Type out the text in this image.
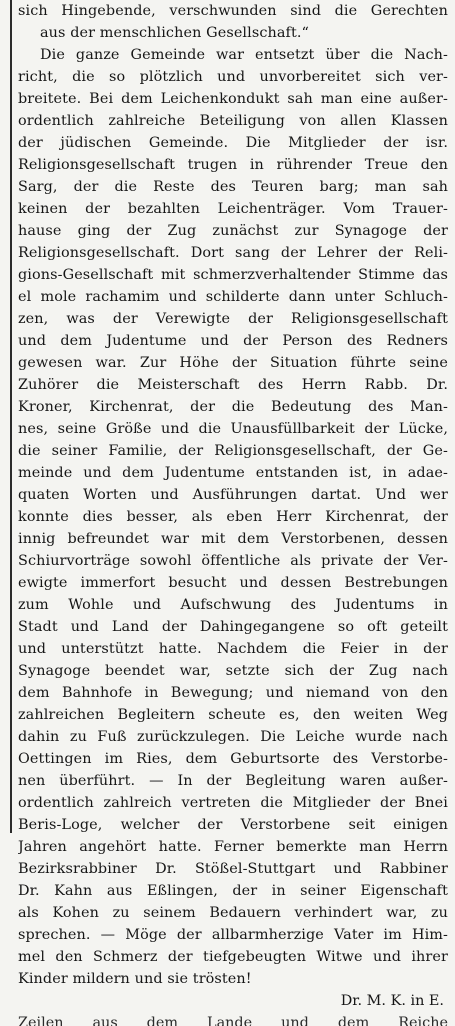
sich Hingebende, verschwunden sind die Gerechten
aus der menschlichen Gesellschaft.“
Die ganze Gemeinde war entsetzt über die Nach-
richt, die so plötzlich und unvorbereitet sich ver-
breitete. Bei dem Leichenkondukt sah man eine außer-
ordentlich zahlreiche Beteiligung von allen Klassen
der jüdischen Gemeinde. Die Mitglieder der isr.
Religionsgesellschaft trugen in rührender Treue den
Sarg, der die Reste des Teuren barg; man sah
keinen der bezahlten Leichenträger. Vom Trauer-
hause ging der Zug zunächst zur Synagoge der
Religionsgesellschaft. Dort sang der Lehrer der Reli-
gions-Gesellschaft mit schmerzverhaltender Stimme das
el mole rachamim und schilderte dann unter Schluch-
zen, was der Verewigte der Religionsgesellschaft
und dem Judentume und der Person des Redners
gewesen war. Zur Höhe der Situation führte seine
Zuhörer die Meisterschaft des Herrn Rabb. Dr.
Kroner, Kirchenrat, der die Bedeutung des Man-
nes, seine Größe und die Unausfüllbarkeit der Lücke,
die seiner Familie, der Religionsgesellschaft, der Ge-
meinde und dem Judentume entstanden ist, in adae-
quaten Worten und Ausführungen dartat. Und wer
konnte dies besser, als eben Herr Kirchenrat, der
innig befreundet war mit dem Verstorbenen, dessen
Schiurvorträge sowohl öffentliche als private der Ver-
ewigte immerfort besucht und dessen Bestrebungen
zum Wohle und Aufschwung des Judentums in
Stadt und Land der Dahingegangene so oft geteilt
und unterstützt hatte. Nachdem die Feier in der
Synagoge beendet war, setzte sich der Zug nach
dem Bahnhofe in Bewegung; und niemand von den
zahlreichen Begleitern scheute es, den weiten Weg
dahin zu Fuß zurückzulegen. Die Leiche wurde nach
Oettingen im Ries, dem Geburtsorte des Verstorbe-
nen überführt. — In der Begleitung waren außer-
ordentlich zahlreich vertreten die Mitglieder der Bnei
Beris-Loge, welcher der Verstorbene seit einigen
Jahren angehört hatte. Ferner bemerkte man Herrn
Bezirksrabbiner Dr. Stößel-Stuttgart und Rabbiner
Dr. Kahn aus Eßlingen, der in seiner Eigenschaft
als Kohen zu seinem Bedauern verhindert war, zu
sprechen. — Möge der allbarmherzige Vater im Him-
mel den Schmerz der tiefgebeugten Witwe und ihrer
Kinder mildern und sie trösten!
Dr. M. K. in E.
Zeilen aus dem Lande und dem Reiche
